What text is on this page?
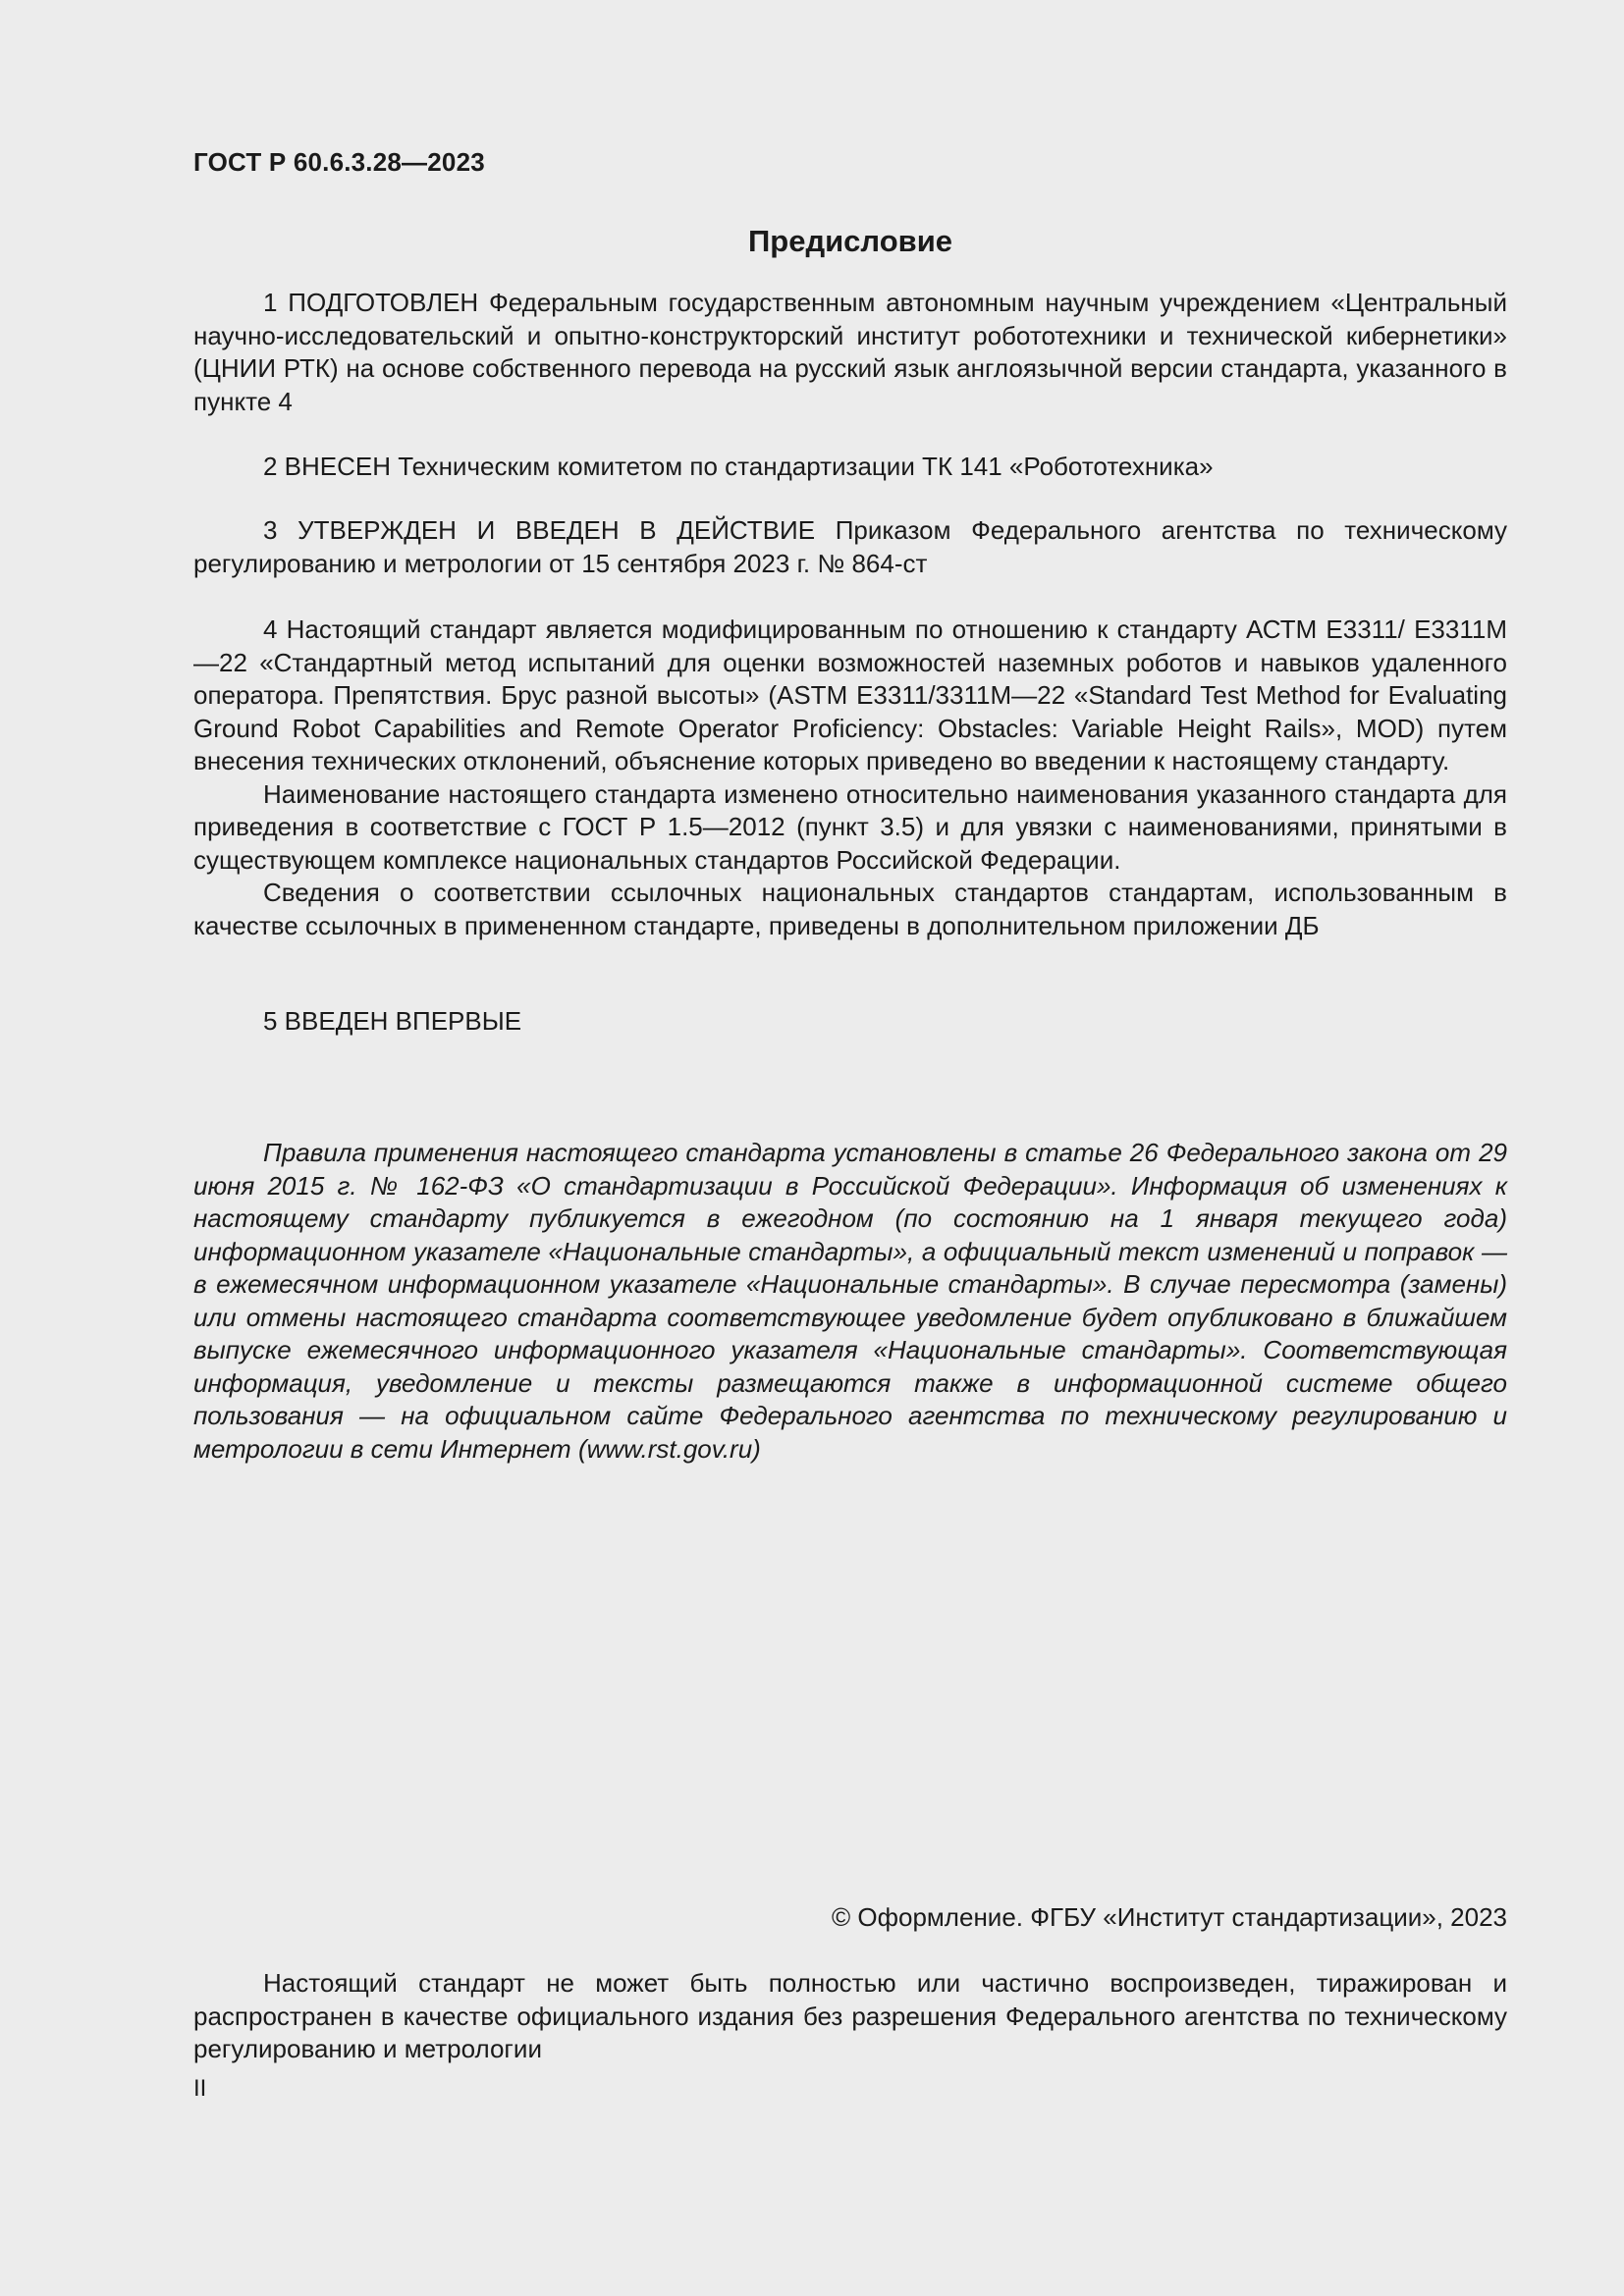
ГОСТ Р 60.6.3.28—2023
Предисловие

1 ПОДГОТОВЛЕН Федеральным государственным автономным научным учреждением «Центральный научно-исследовательский и опытно-конструкторский институт робототехники и технической кибернетики» (ЦНИИ РТК) на основе собственного перевода на русский язык англоязычной версии стандарта, указанного в пункте 4

2 ВНЕСЕН Техническим комитетом по стандартизации ТК 141 «Робототехника»

3 УТВЕРЖДЕН И ВВЕДЕН В ДЕЙСТВИЕ Приказом Федерального агентства по техническому регулированию и метрологии от 15 сентября 2023 г. № 864-ст

4 Настоящий стандарт является модифицированным по отношению к стандарту АСТМ Е3311/ Е3311М—22 «Стандартный метод испытаний для оценки возможностей наземных роботов и навыков удаленного оператора. Препятствия. Брус разной высоты» (ASTM E3311/3311M—22 «Standard Test Method for Evaluating Ground Robot Capabilities and Remote Operator Proficiency: Obstacles: Variable Height Rails», MOD) путем внесения технических отклонений, объяснение которых приведено во введении к настоящему стандарту.

Наименование настоящего стандарта изменено относительно наименования указанного стандарта для приведения в соответствие с ГОСТ Р 1.5—2012 (пункт 3.5) и для увязки с наименованиями, принятыми в существующем комплексе национальных стандартов Российской Федерации.

Сведения о соответствии ссылочных национальных стандартов стандартам, использованным в качестве ссылочных в примененном стандарте, приведены в дополнительном приложении ДБ

5 ВВЕДЕН ВПЕРВЫЕ

Правила применения настоящего стандарта установлены в статье 26 Федерального закона от 29 июня 2015 г. № 162-ФЗ «О стандартизации в Российской Федерации». Информация об изменениях к настоящему стандарту публикуется в ежегодном (по состоянию на 1 января текущего года) информационном указателе «Национальные стандарты», а официальный текст изменений и поправок — в ежемесячном информационном указателе «Национальные стандарты». В случае пересмотра (замены) или отмены настоящего стандарта соответствующее уведомление будет опубликовано в ближайшем выпуске ежемесячного информационного указателя «Национальные стандарты». Соответствующая информация, уведомление и тексты размещаются также в информационной системе общего пользования — на официальном сайте Федерального агентства по техническому регулированию и метрологии в сети Интернет (www.rst.gov.ru)

© Оформление. ФГБУ «Институт стандартизации», 2023

Настоящий стандарт не может быть полностью или частично воспроизведен, тиражирован и распространен в качестве официального издания без разрешения Федерального агентства по техническому регулированию и метрологии

II
